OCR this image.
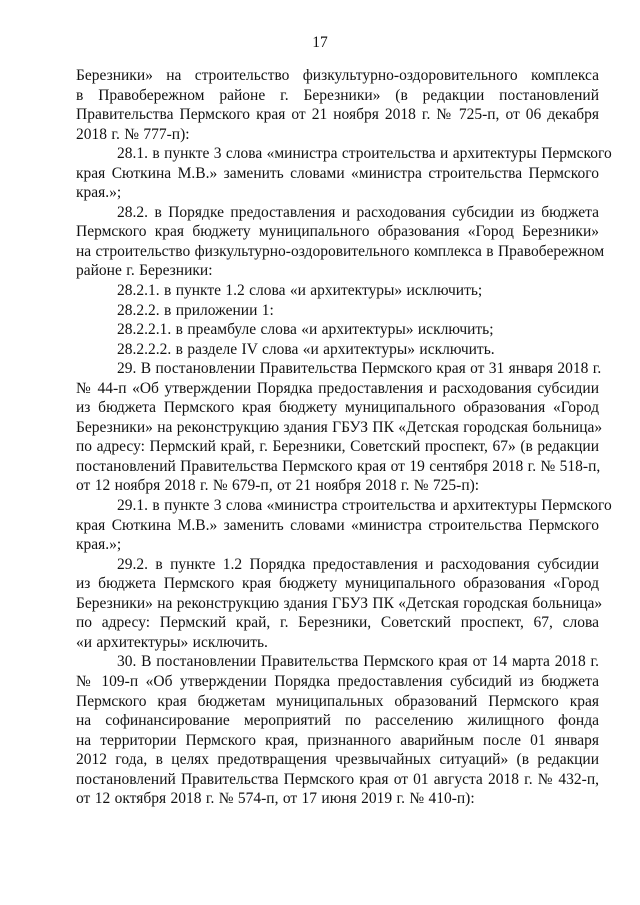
17
Березники» на строительство физкультурно-оздоровительного комплекса
в Правобережном районе г. Березники» (в редакции постановлений
Правительства Пермского края от 21 ноября 2018 г. № 725-п, от 06 декабря
2018 г. № 777-п):
28.1. в пункте 3 слова «министра строительства и архитектуры Пермского
края Сюткина М.В.» заменить словами «министра строительства Пермского
края.»;
28.2. в Порядке предоставления и расходования субсидии из бюджета
Пермского края бюджету муниципального образования «Город Березники»
на строительство физкультурно-оздоровительного комплекса в Правобережном
районе г. Березники:
28.2.1. в пункте 1.2 слова «и архитектуры» исключить;
28.2.2. в приложении 1:
28.2.2.1. в преамбуле слова «и архитектуры» исключить;
28.2.2.2. в разделе IV слова «и архитектуры» исключить.
29. В постановлении Правительства Пермского края от 31 января 2018 г.
№ 44-п «Об утверждении Порядка предоставления и расходования субсидии
из бюджета Пермского края бюджету муниципального образования «Город
Березники» на реконструкцию здания ГБУЗ ПК «Детская городская больница»
по адресу: Пермский край, г. Березники, Советский проспект, 67» (в редакции
постановлений Правительства Пермского края от 19 сентября 2018 г. № 518-п,
от 12 ноября 2018 г. № 679-п, от 21 ноября 2018 г. № 725-п):
29.1. в пункте 3 слова «министра строительства и архитектуры Пермского
края Сюткина М.В.» заменить словами «министра строительства Пермского
края.»;
29.2. в пункте 1.2 Порядка предоставления и расходования субсидии
из бюджета Пермского края бюджету муниципального образования «Город
Березники» на реконструкцию здания ГБУЗ ПК «Детская городская больница»
по адресу: Пермский край, г. Березники, Советский проспект, 67, слова
«и архитектуры» исключить.
30. В постановлении Правительства Пермского края от 14 марта 2018 г.
№ 109-п «Об утверждении Порядка предоставления субсидий из бюджета
Пермского края бюджетам муниципальных образований Пермского края
на софинансирование мероприятий по расселению жилищного фонда
на территории Пермского края, признанного аварийным после 01 января
2012 года, в целях предотвращения чрезвычайных ситуаций» (в редакции
постановлений Правительства Пермского края от 01 августа 2018 г. № 432-п,
от 12 октября 2018 г. № 574-п, от 17 июня 2019 г. № 410-п):
